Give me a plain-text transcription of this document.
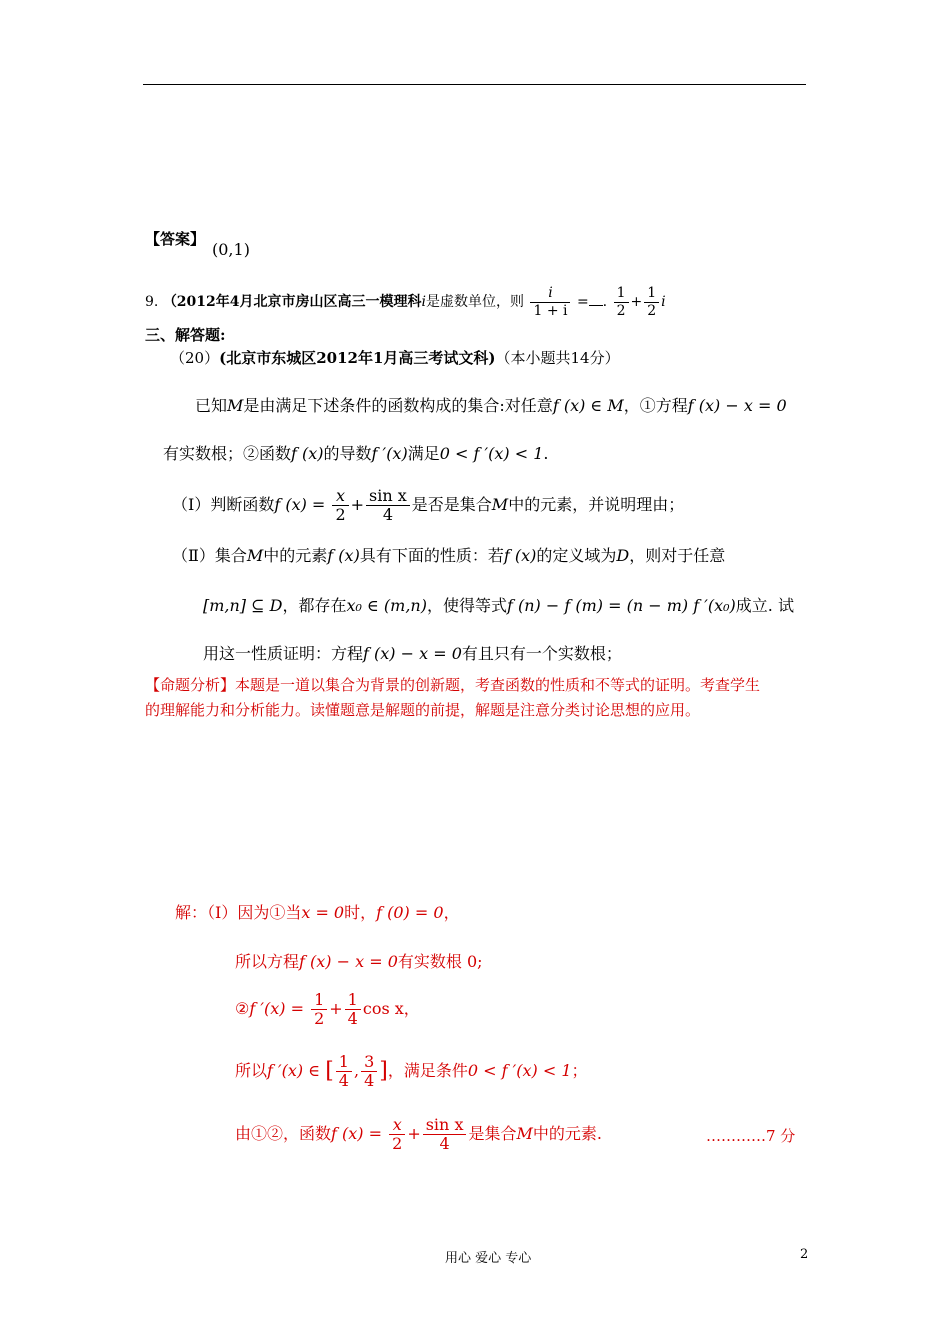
【答案】
(0,1)
9. （2012年4月北京市房山区高三一模理科i是虚数单位，则 $\frac{i}{1 + i}$ = . $\frac{1}{2} + \frac{1}{2}$ i
三、解答题:
（20）(北京市东城区2012年1月高三考试文科)（本小题共14分）
已知M是由满足下述条件的函数构成的集合:对任意f (x) ∈ M，①方程f (x) − x = 0
有实数根；②函数f (x)的导数f ′(x)满足0 < f ′(x) < 1.
（Ⅰ）判断函数f $(x) = \frac{x}{2} + \frac{\text{sin x}}{4}$ 是否是集合M中的元素，并说明理由；
（Ⅱ）集合M中的元素f (x)具有下面的性质：若f (x)的定义域为D，则对于任意
[m,n] ⊆ D，都存在x₀ ∈ (m,n)，使得等式f (n) − f (m) = (n − m) f ′(x₀)成立. 试
用这一性质证明：方程f (x) − x = 0有且只有一个实数根；
【命题分析】本题是一道以集合为背景的创新题，考查函数的性质和不等式的证明。考查学生
的理解能力和分析能力。读懂题意是解题的前提，解题是注意分类讨论思想的应用。
解：（Ⅰ）因为①当x = 0时，f (0) = 0，
所以方程f (x) − x = 0有实数根 0;
②f $'(x) = \frac{1}{2} + \frac{1}{4}$ cos x，
所以f ′(x) ∈ [ $\frac{1}{4}$ , $\frac{3}{4}$ ]，满足条件0 < f ′(x) < 1；
由①②，函数f $(x) = \frac{x}{2} + \frac{\text{sin x}}{4}$ 是集合M中的元素.	…………7 分
用心 爱心 专心	2
